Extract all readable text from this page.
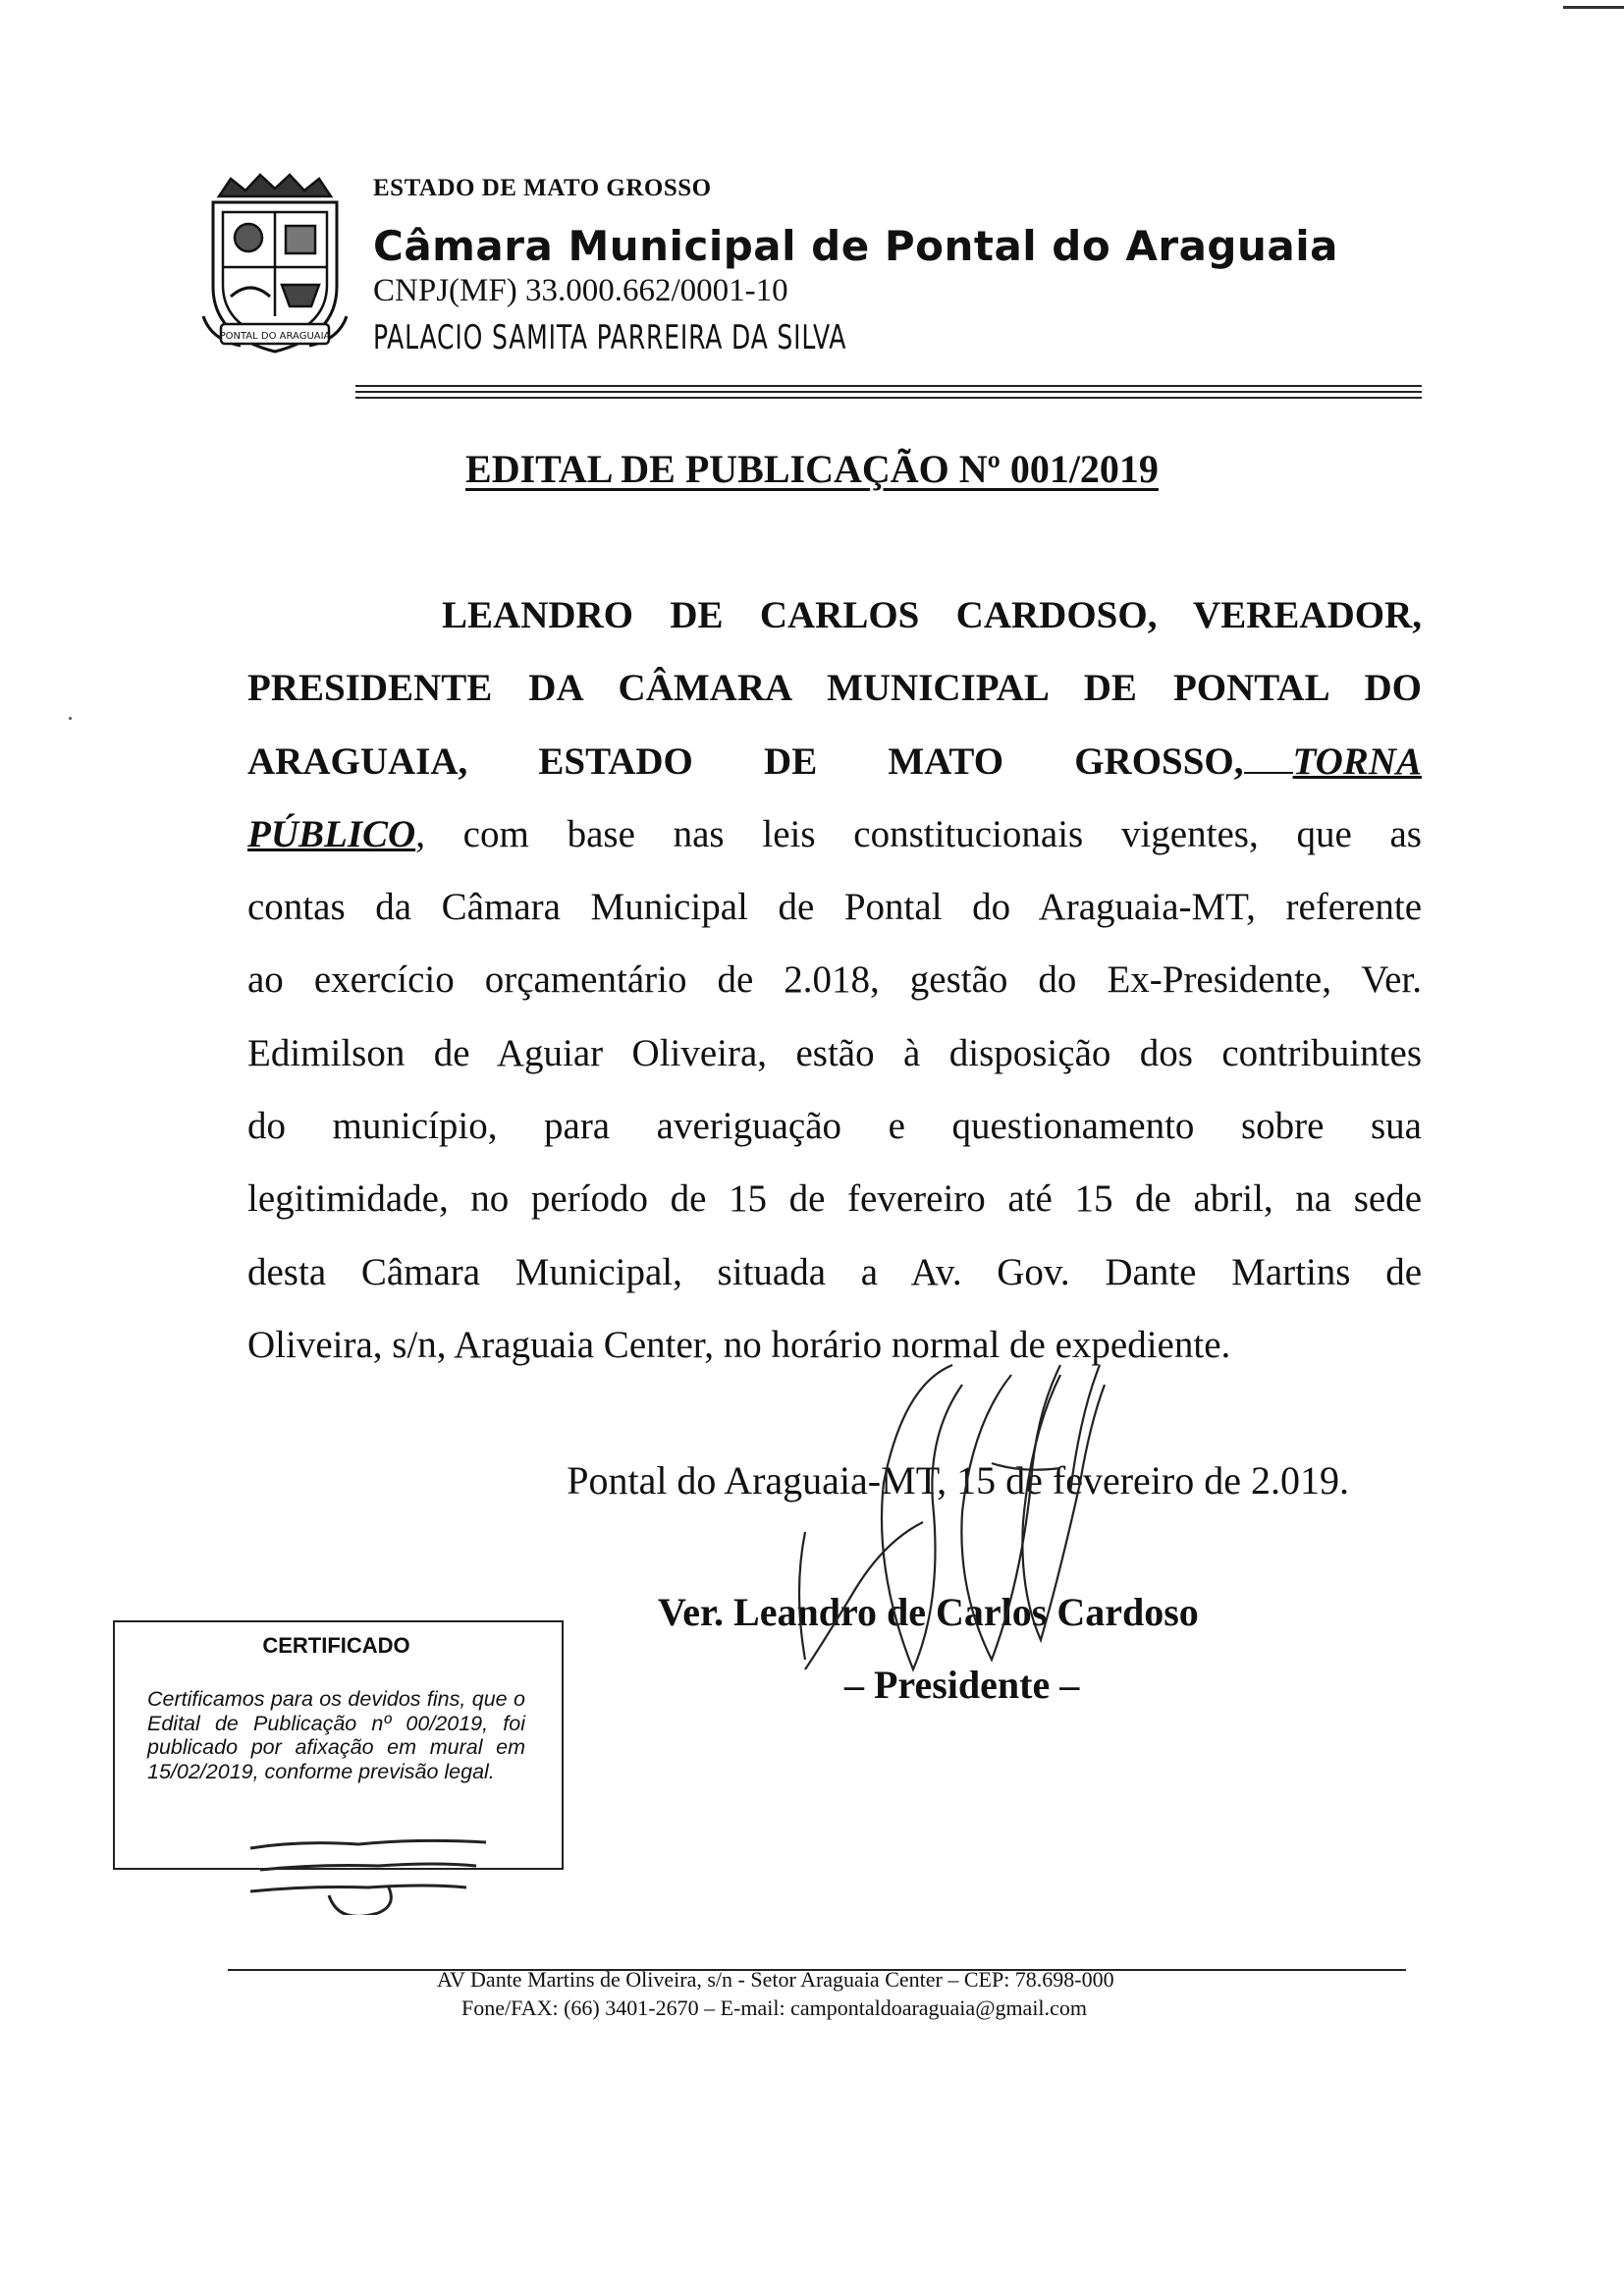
PONTAL DO ARAGUAIA
ESTADO DE MATO GROSSO
Câmara Municipal de Pontal do Araguaia
CNPJ(MF) 33.000.662/0001-10
PALACIO SAMITA PARREIRA DA SILVA
EDITAL DE PUBLICAÇÃO Nº 001/2019
LEANDRO DE CARLOS CARDOSO, VEREADOR,
PRESIDENTE DA CÂMARA MUNICIPAL DE PONTAL DO
ARAGUAIA, ESTADO DE MATO GROSSO, TORNA
PÚBLICO, com base nas leis constitucionais vigentes, que as
contas da Câmara Municipal de Pontal do Araguaia-MT, referente
ao exercício orçamentário de 2.018, gestão do Ex-Presidente, Ver.
Edimilson de Aguiar Oliveira, estão à disposição dos contribuintes
do município, para averiguação e questionamento sobre sua
legitimidade, no período de 15 de fevereiro até 15 de abril, na sede
desta Câmara Municipal, situada a Av. Gov. Dante Martins de
Oliveira, s/n, Araguaia Center, no horário normal de expediente.
Pontal do Araguaia-MT, 15 de fevereiro de 2.019.
Ver. Leandro de Carlos Cardoso
– Presidente –
CERTIFICADO
Certificamos para os devidos fins, que o Edital de Publicação nº 00/2019, foi publicado por afixação em mural em 15/02/2019, conforme previsão legal.
AV Dante Martins de Oliveira, s/n - Setor Araguaia Center – CEP: 78.698-000
Fone/FAX: (66) 3401-2670 – E-mail: campontaldoaraguaia@gmail.com
